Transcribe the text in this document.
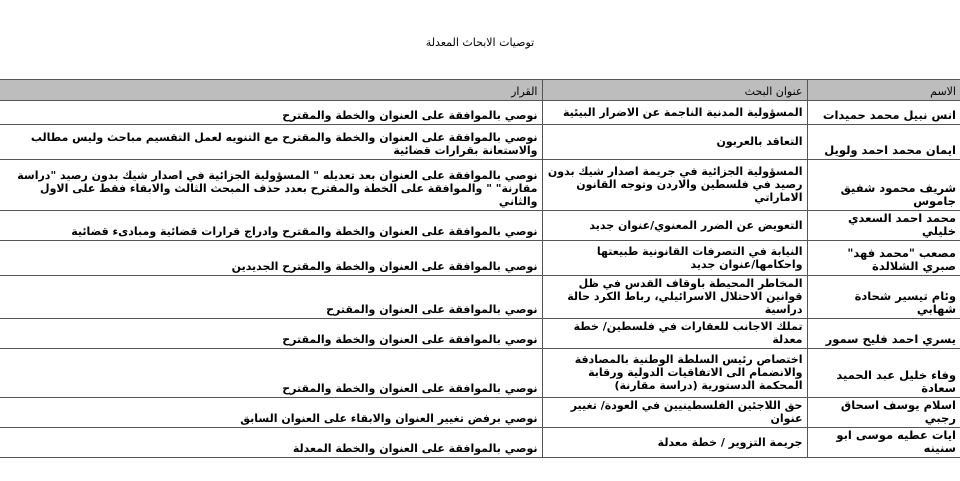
توصيات الابحاث المعدلة
الاسم	عنوان البحث	القرار
انس نبيل محمد حميدات	المسؤولية المدنية الناجمة عن الاضرار البيئية	نوصي بالموافقة على العنوان والخطة والمقترح

ايمان محمد احمد ولويل	التعاقد بالعربون	نوصي بالموافقة على العنوان والخطة والمقترح مع التنويه لعمل التقسيم مباحث وليس مطالب والاستعانة بقرارات قضائية

شريف محمود شفيق جاموس	المسؤولية الجزائية في جريمة اصدار شيك بدون رصيد في فلسطين والاردن وتوجه القانون الاماراتي	نوصي بالموافقة على العنوان بعد تعديله " المسؤولية الجزائية في اصدار شيك بدون رصيد "دراسة مقارنة" " والموافقة على الخطة والمقترح بعدد حذف المبحث الثالث والابقاء فقط على الاول والثاني

محمد احمد السعدي خليلي	التعويض عن الضرر المعنوي/عنوان جديد	نوصي بالموافقة على العنوان والخطة والمقترح وادراج قرارات قضائية ومبادىء قضائية

مصعب "محمد فهد" صبري الشلالدة	النيابة في التصرفات القانونية طبيعتها واحكامها/عنوان جديد	نوصي بالموافقة على العنوان والخطة والمقترح الجديدين

وئام تيسير شحادة شهابي	المخاطر المحيطة باوقاف القدس في ظل قوانين الاحتلال الاسرائيلي، رباط الكرد حالة دراسية	نوصي بالموافقة على العنوان والمقترح

يسري احمد فليح سمور	تملك الاجانب للعقارات في فلسطين/ خطة معدلة	نوصي بالموافقة على العنوان والخطة والمقترح

وفاء خليل عبد الحميد سعادة	اختصاص رئيس السلطة الوطنية بالمصادقة والانضمام الى الاتفاقيات الدولية ورقابة المحكمة الدستورية (دراسة مقارنة)	نوصي بالموافقة على العنوان والخطة والمقترح

اسلام يوسف اسحاق رجبي	حق اللاجئين الفلسطينيين في العودة/ تغيير عنوان	نوصي برفض تغيير العنوان والابقاء على العنوان السابق

ايات عطيه موسى ابو سنينه	جريمة التزوير / خطة معدلة	نوصي بالموافقة على العنوان والخطة المعدلة
